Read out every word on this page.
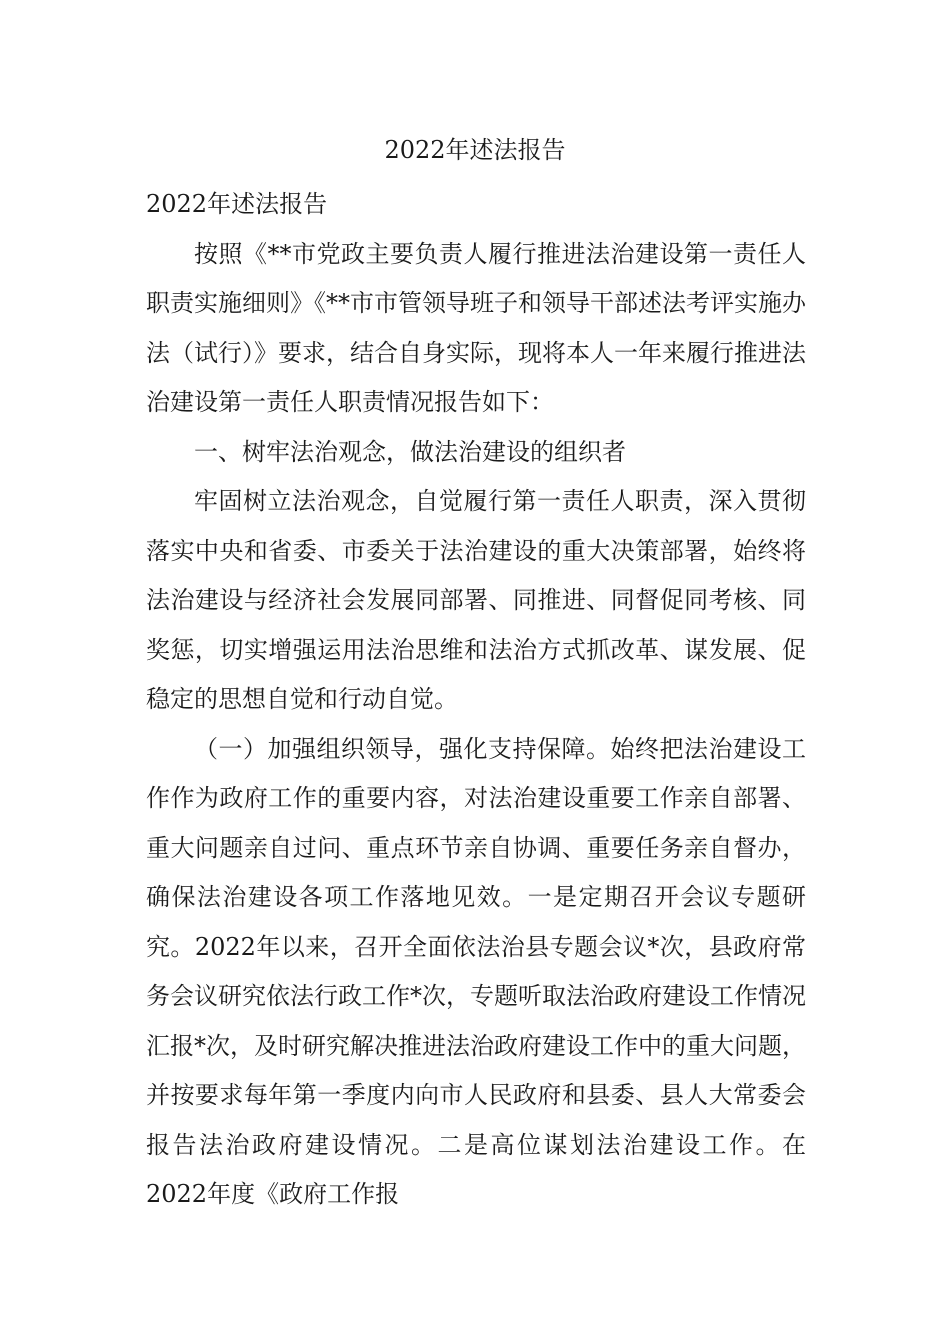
2022年述法报告

2022年述法报告

按照《**市党政主要负责人履行推进法治建设第一责任人职责实施细则》《**市市管领导班子和领导干部述法考评实施办法（试行）》要求，结合自身实际，现将本人一年来履行推进法治建设第一责任人职责情况报告如下：

一、树牢法治观念，做法治建设的组织者

牢固树立法治观念，自觉履行第一责任人职责，深入贯彻落实中央和省委、市委关于法治建设的重大决策部署，始终将法治建设与经济社会发展同部署、同推进、同督促同考核、同奖惩，切实增强运用法治思维和法治方式抓改革、谋发展、促稳定的思想自觉和行动自觉。

（一）加强组织领导，强化支持保障。始终把法治建设工作作为政府工作的重要内容，对法治建设重要工作亲自部署、重大问题亲自过问、重点环节亲自协调、重要任务亲自督办，确保法治建设各项工作落地见效。一是定期召开会议专题研究。2022年以来，召开全面依法治县专题会议*次，县政府常务会议研究依法行政工作*次，专题听取法治政府建设工作情况汇报*次，及时研究解决推进法治政府建设工作中的重大问题，并按要求每年第一季度内向市人民政府和县委、县人大常委会报告法治政府建设情况。二是高位谋划法治建设工作。在2022年度《政府工作报
